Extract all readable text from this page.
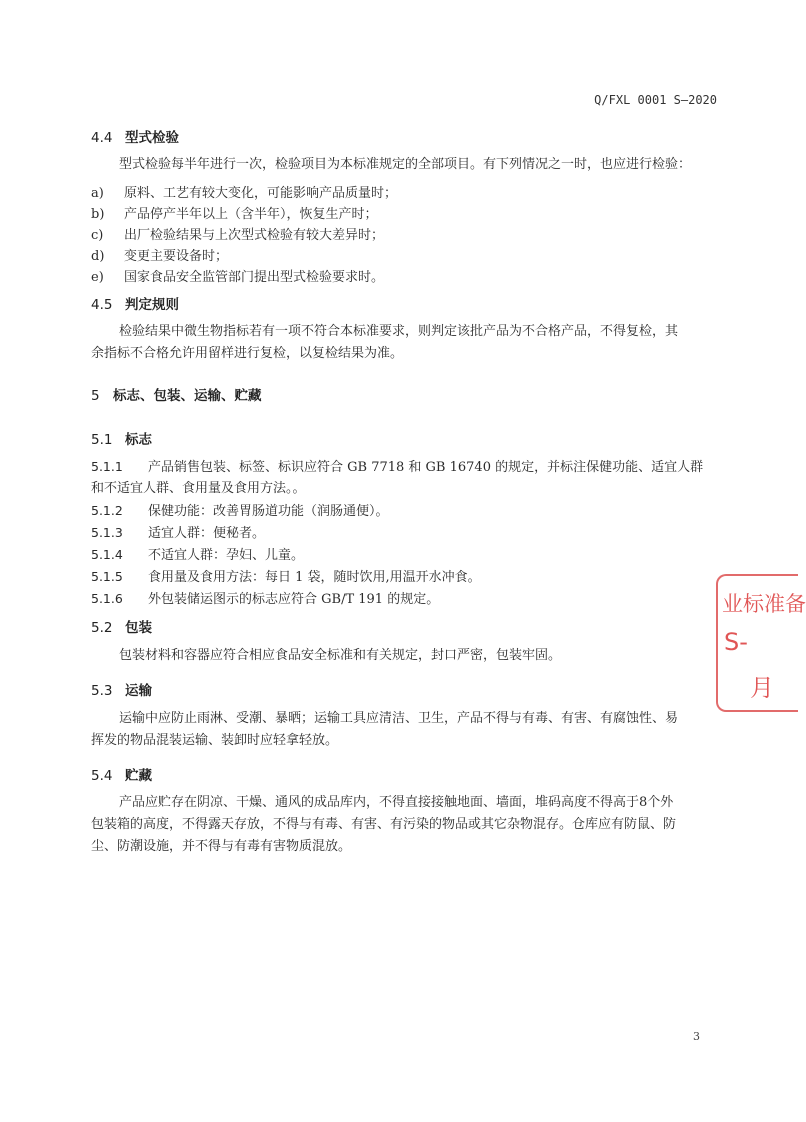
Q/FXL 0001 S—2020
4.4 型式检验
型式检验每半年进行一次，检验项目为本标准规定的全部项目。有下列情况之一时，也应进行检验：
a) 原料、工艺有较大变化，可能影响产品质量时；
b) 产品停产半年以上（含半年），恢复生产时；
c) 出厂检验结果与上次型式检验有较大差异时；
d) 变更主要设备时；
e) 国家食品安全监管部门提出型式检验要求时。
4.5 判定规则
检验结果中微生物指标若有一项不符合本标准要求，则判定该批产品为不合格产品，不得复检，其
余指标不合格允许用留样进行复检，以复检结果为准。
5 标志、包装、运输、贮藏
5.1 标志
5.1.1 产品销售包装、标签、标识应符合 GB 7718 和 GB 16740 的规定，并标注保健功能、适宜人群
和不适宜人群、食用量及食用方法。。
5.1.2 保健功能：改善胃肠道功能（润肠通便）。
5.1.3 适宜人群：便秘者。
5.1.4 不适宜人群：孕妇、儿童。
5.1.5 食用量及食用方法：每日 1 袋，随时饮用,用温开水冲食。
5.1.6 外包装储运图示的标志应符合 GB/T 191 的规定。
5.2 包装
包装材料和容器应符合相应食品安全标准和有关规定，封口严密，包装牢固。
5.3 运输
运输中应防止雨淋、受潮、暴晒；运输工具应清洁、卫生，产品不得与有毒、有害、有腐蚀性、易
挥发的物品混装运输、装卸时应轻拿轻放。
5.4 贮藏
产品应贮存在阴凉、干燥、通风的成品库内，不得直接接触地面、墙面，堆码高度不得高于8个外
包装箱的高度，不得露天存放，不得与有毒、有害、有污染的物品或其它杂物混存。仓库应有防鼠、防
尘、防潮设施，并不得与有毒有害物质混放。
业标准备
S-
月
3
